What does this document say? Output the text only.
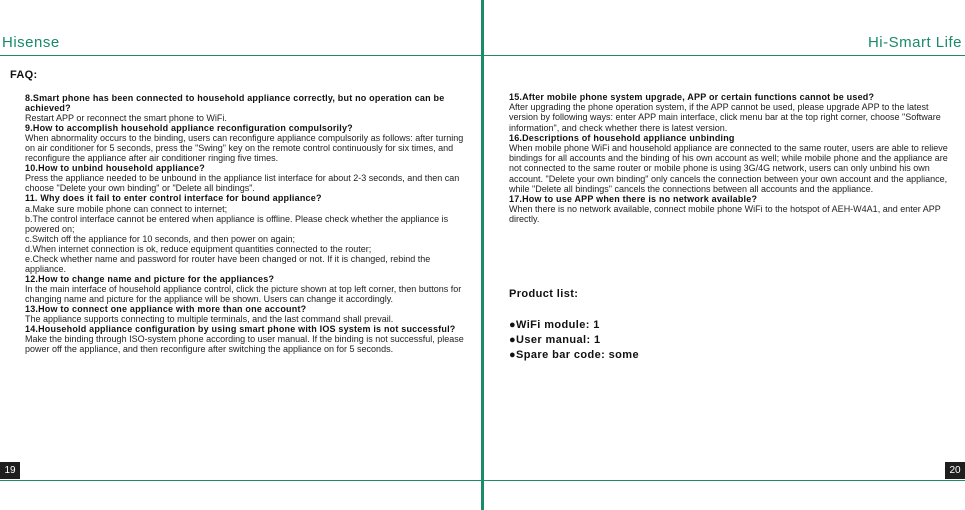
Hisense	Hi-Smart Life
FAQ:
8.Smart phone has been connected to household appliance correctly, but no operation can be achieved?
Restart APP or reconnect the smart phone to WiFi.
9.How to accomplish household appliance reconfiguration compulsorily?
When abnormality occurs to the binding, users can reconfigure appliance compulsorily as follows: after turning on air conditioner for 5 seconds, press the "Swing" key on the remote control continuously for six times, and reconfigure the appliance after air conditioner ringing five times.
10.How to unbind household appliance?
Press the appliance needed to be unbound in the appliance list interface for about 2-3 seconds, and then can choose "Delete your own binding" or "Delete all bindings".
11. Why does it fail to enter control interface for bound appliance?
a.Make sure mobile phone can connect to internet;
b.The control interface cannot be entered when appliance is offline. Please check whether the appliance is powered on;
c.Switch off the appliance for 10 seconds, and then power on again;
d.When internet connection is ok, reduce equipment quantities connected to the router;
e.Check whether name and password for router have been changed or not. If it is changed, rebind the appliance.
12.How to change name and picture for the appliances?
In the main interface of household appliance control, click the picture shown at top left corner, then buttons for changing name and picture for the appliance will be shown. Users can change it accordingly.
13.How to connect one appliance with more than one account?
The appliance supports connecting to multiple terminals, and the last command shall prevail.
14.Household appliance configuration by using smart phone with IOS system is not successful?
Make the binding through ISO-system phone according to user manual. If the binding is not successful, please power off the appliance, and then reconfigure after switching the appliance on for 5 seconds.
15.After mobile phone system upgrade, APP or certain functions cannot be used?
After upgrading the phone operation system, if the APP cannot be used, please upgrade APP to the latest version by following ways: enter APP main interface, click menu bar at the top right corner, choose "Software information", and check whether there is latest version.
16.Descriptions of household appliance unbinding
When mobile phone WiFi and household appliance are connected to the same router, users are able to relieve bindings for all accounts and the binding of his own account as well; while mobile phone and the appliance are not connected to the same router or mobile phone is using 3G/4G network, users can only unbind his own account. "Delete your own binding" only cancels the connection between your own account and the appliance, while "Delete all bindings" cancels the connections between all accounts and the appliance.
17.How to use APP when there is no network available?
When there is no network available, connect mobile phone WiFi to the hotspot of AEH-W4A1, and enter APP directly.
Product list:
●WiFi module: 1
●User manual: 1
●Spare bar code: some
19	20
